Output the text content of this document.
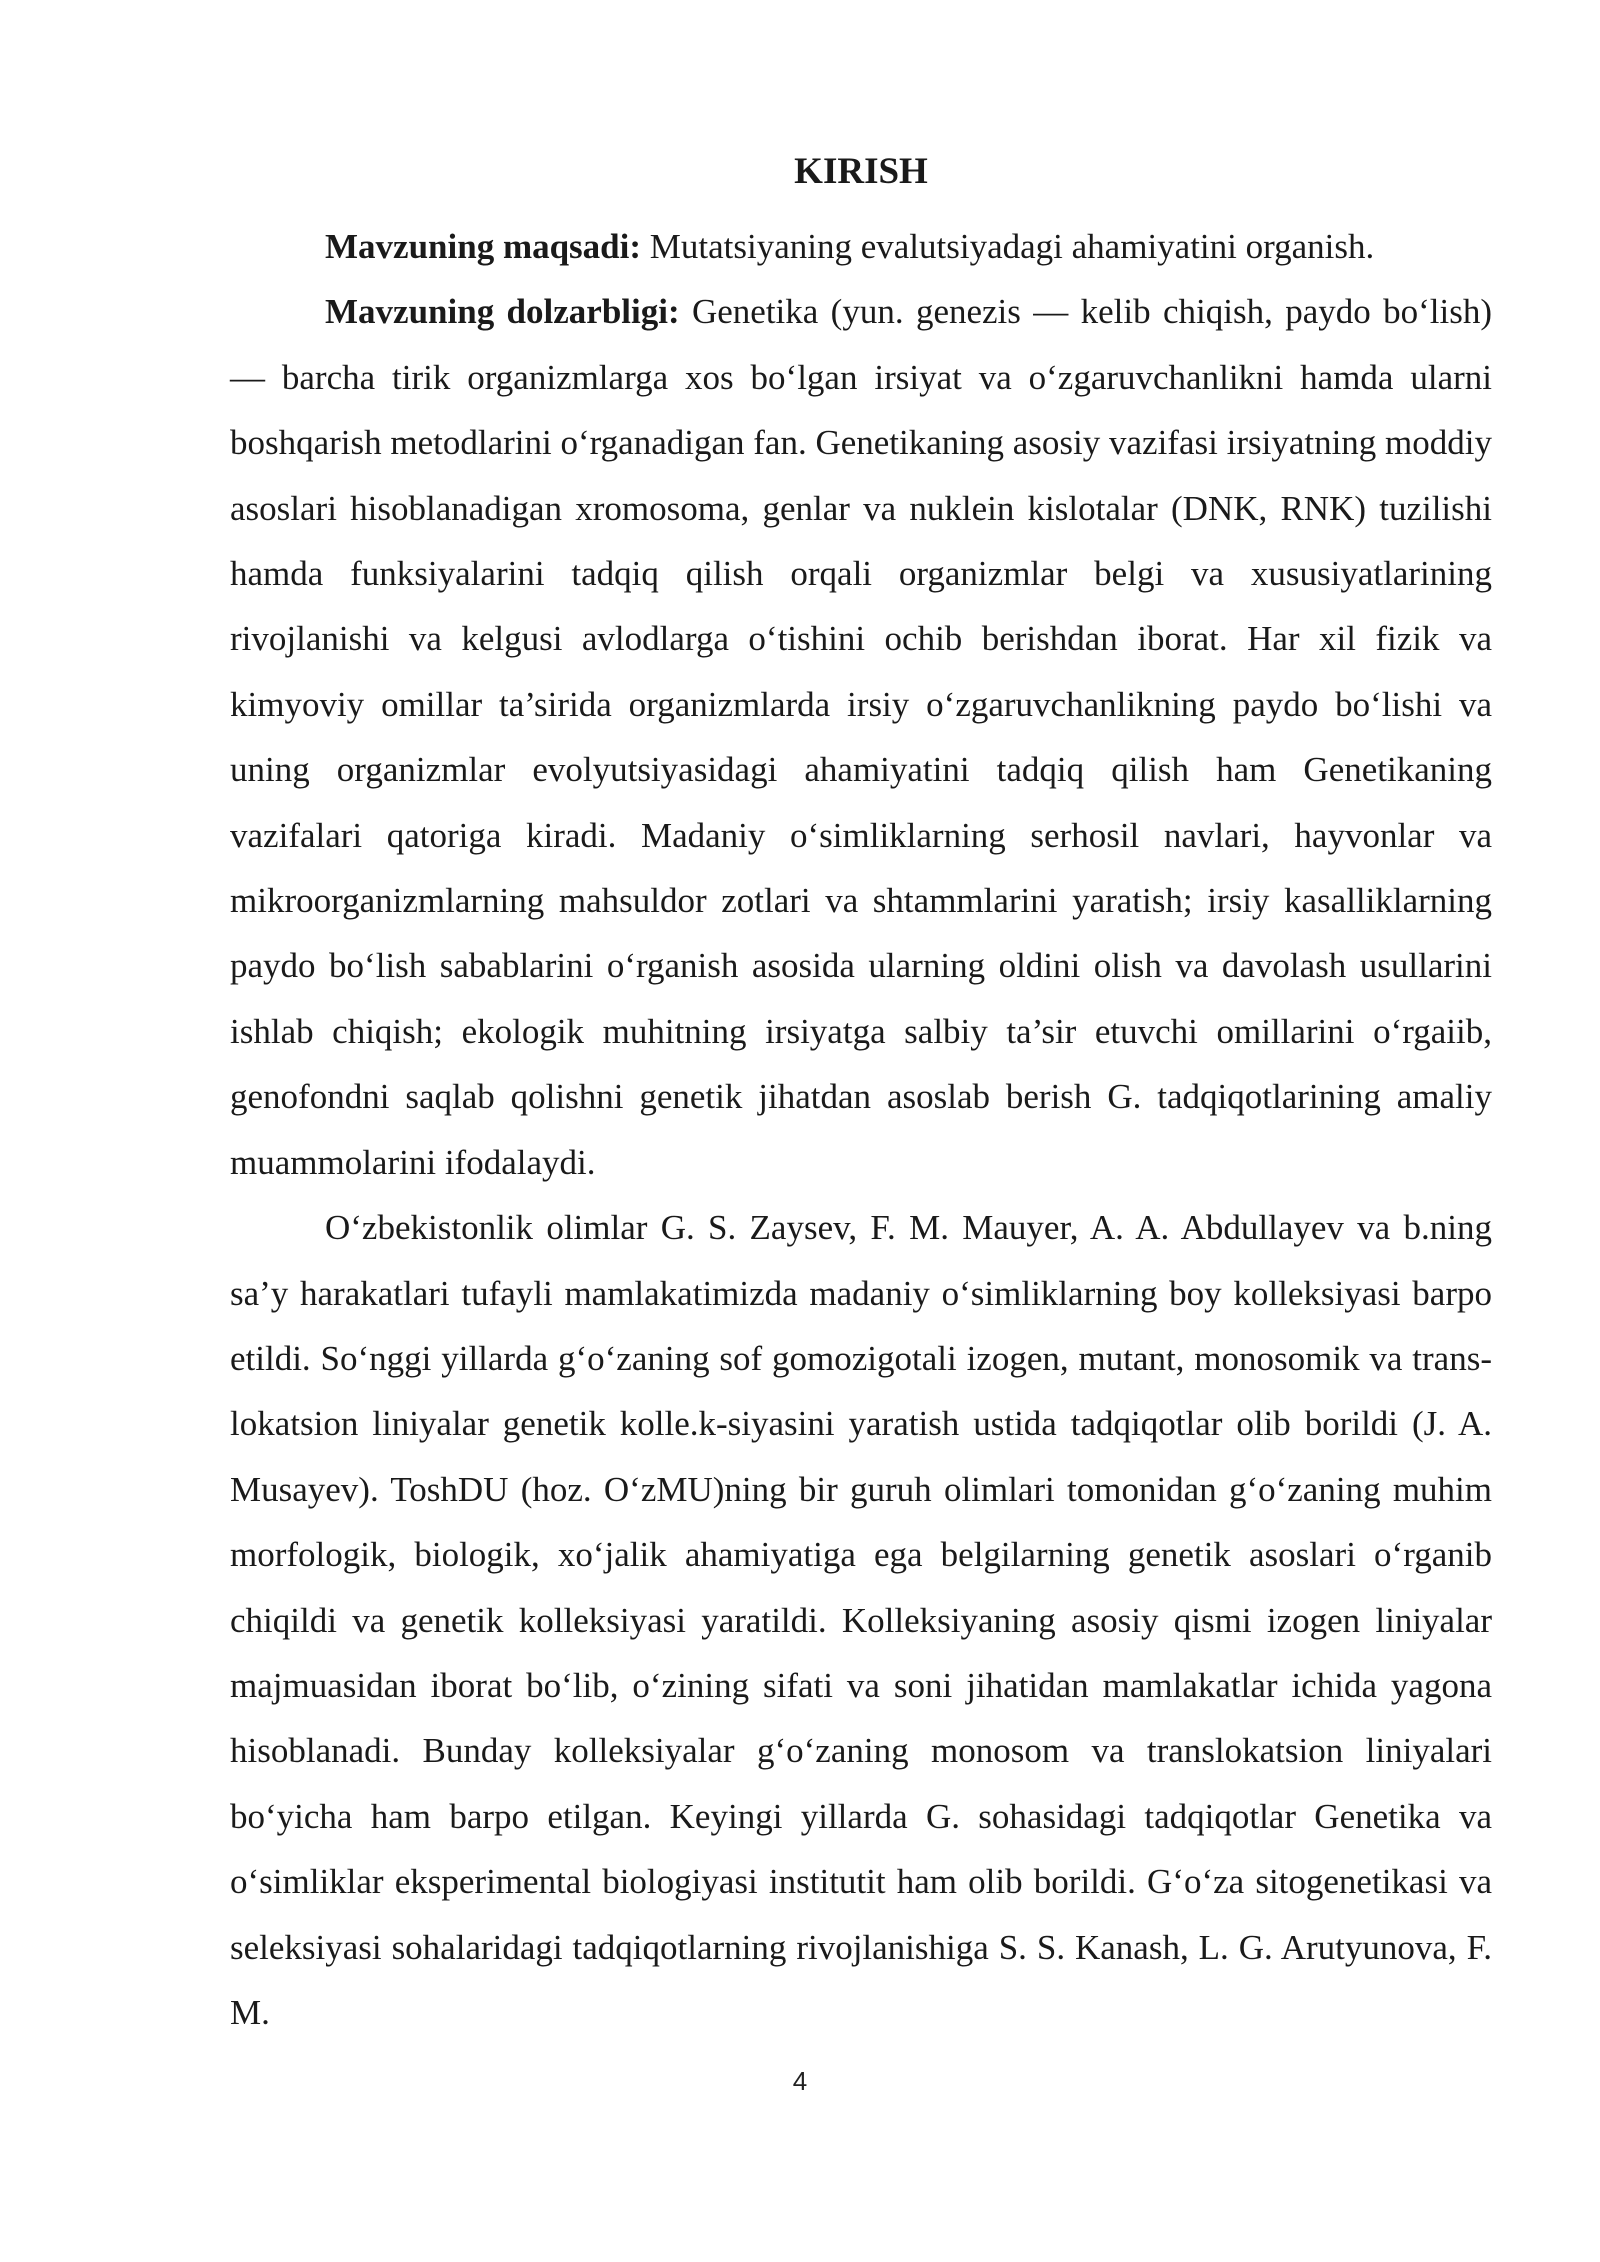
KIRISH

Mavzuning maqsadi: Mutatsiyaning evalutsiyadagi ahamiyatini organish.

Mavzuning dolzarbligi: Genetika (yun. genezis — kelib chiqish, paydo bo‘lish) — barcha tirik organizmlarga xos bo‘lgan irsiyat va o‘zgaruvchanlikni hamda ularni boshqarish metodlarini o‘rganadigan fan. Genetikaning asosiy vazifasi irsiyatning moddiy asoslari hisoblanadigan xromosoma, genlar va nuklein kislotalar (DNK, RNK) tuzilishi hamda funksiyalarini tadqiq qilish orqali organizmlar belgi va xususiyatlarining rivojlanishi va kelgusi avlodlarga o‘tishini ochib berishdan iborat. Har xil fizik va kimyoviy omillar ta’sirida organizmlarda irsiy o‘zgaruvchanlikning paydo bo‘lishi va uning organizmlar evolyutsiyasidagi ahamiyatini tadqiq qilish ham Genetikaning vazifalari qatoriga kiradi. Madaniy o‘simliklarning serhosil navlari, hayvonlar va mikroorganizmlarning mahsuldor zotlari va shtammlarini yaratish; irsiy kasalliklarning paydo bo‘lish sabablarini o‘rganish asosida ularning oldini olish va davolash usullarini ishlab chiqish; ekologik muhitning irsiyatga salbiy ta’sir etuvchi omillarini o‘rgaiib, genofondni saqlab qolishni genetik jihatdan asoslab berish G. tadqiqotlarining amaliy muammolarini ifodalaydi.

O‘zbekistonlik olimlar G. S. Zaysev, F. M. Mauyer, A. A. Abdullayev va b.ning sa’y harakatlari tufayli mamlakatimizda madaniy o‘simliklarning boy kolleksiyasi barpo etildi. So‘nggi yillarda g‘o‘zaning sof gomozigotali izogen, mutant, monosomik va trans-lokatsion liniyalar genetik kolle.k-siyasini yaratish ustida tadqiqotlar olib borildi (J. A. Musayev). ToshDU (hoz. O‘zMU)ning bir guruh olimlari tomonidan g‘o‘zaning muhim morfologik, biologik, xo‘jalik ahamiyatiga ega belgilarning genetik asoslari o‘rganib chiqildi va genetik kolleksiyasi yaratildi. Kolleksiyaning asosiy qismi izogen liniyalar majmuasidan iborat bo‘lib, o‘zining sifati va soni jihatidan mamlakatlar ichida yagona hisoblanadi. Bunday kolleksiyalar g‘o‘zaning monosom va translokatsion liniyalari bo‘yicha ham barpo etilgan. Keyingi yillarda G. sohasidagi tadqiqotlar Genetika va o‘simliklar eksperimental biologiyasi institutit ham olib borildi. G‘o‘za sitogenetikasi va seleksiyasi sohalaridagi tadqiqotlarning rivojlanishiga S. S. Kanash, L. G. Arutyunova, F. M.

4
